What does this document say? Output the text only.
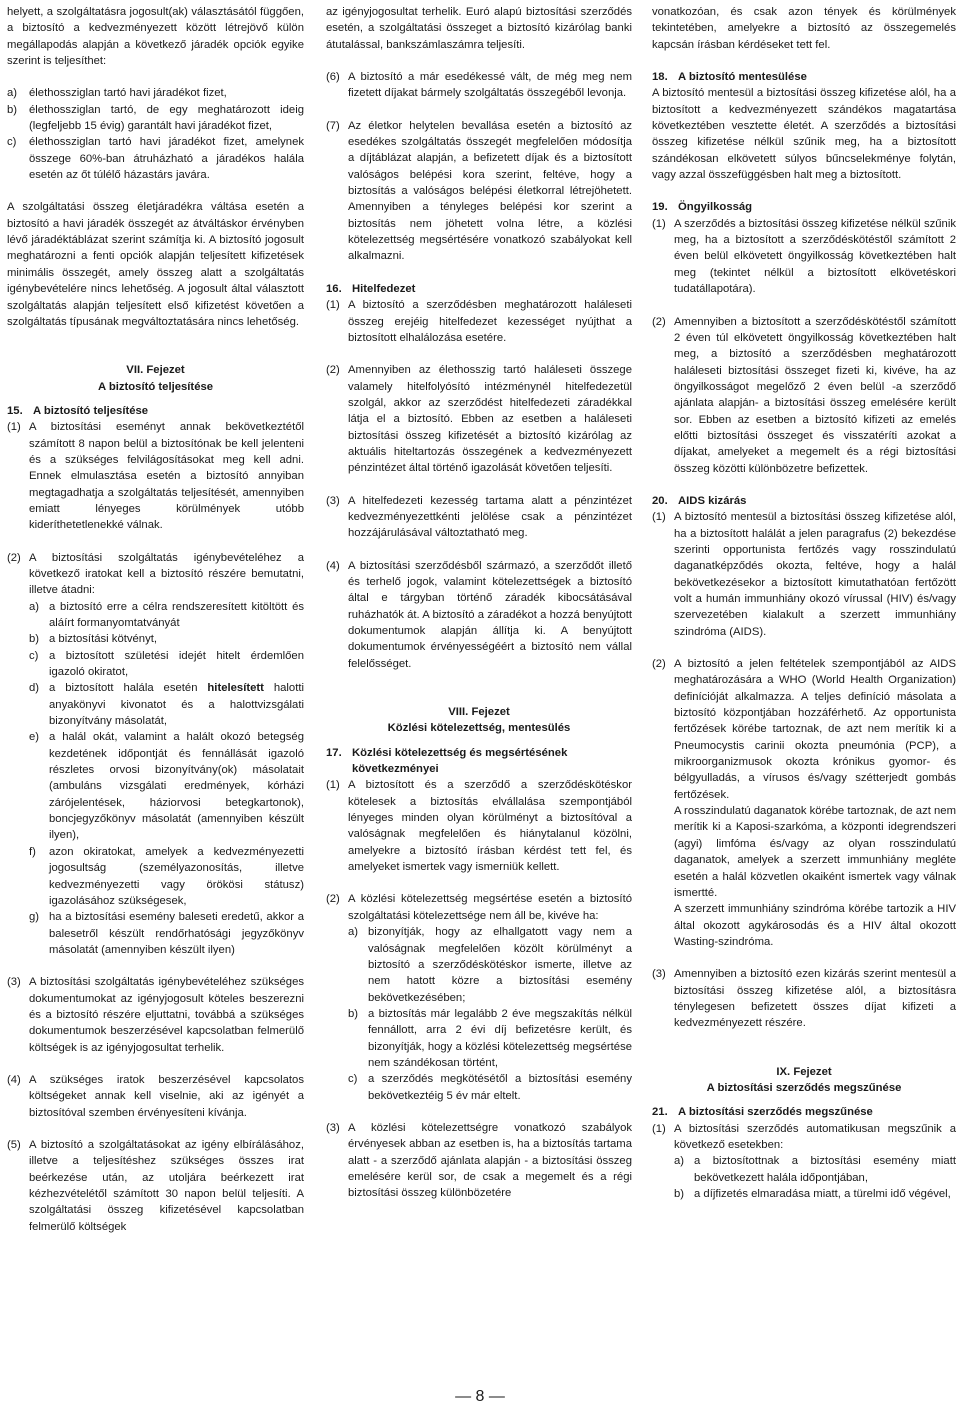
helyett, a szolgáltatásra jogosult(ak) választásától függően, a biztosító a kedvezményezett között létrejövő külön megállapodás alapján a következő járadék opciók egyike szerint is teljesíthet:

a)	élethossziglan tartó havi járadékot fizet,
b)	élethossziglan tartó, de egy meghatározott ideig (legfeljebb 15 évig) garantált havi járadékot fizet,
c)	élethossziglan tartó havi járadékot fizet, amelynek összege 60%-ban átruházható a járadékos halála esetén az őt túlélő házastárs javára.

A szolgáltatási összeg életjáradékra váltása esetén a biztosító a havi járadék összegét az átváltáskor érvényben lévő járadéktáblázat szerint számítja ki. A biztosító jogosult meghatározni a fenti opciók alapján teljesített kifizetések minimális összegét, amely összeg alatt a szolgáltatás igénybevételére nincs lehetőség. A jogosult által választott szolgáltatás alapján teljesített első kifizetést követően a szolgáltatás típusának megváltoztatására nincs lehetőség.

VII. Fejezet
A biztosító teljesítése
15. A biztosító teljesítése
(1) A biztosítási eseményt annak bekövetkeztétől számított 8 napon belül a biztosítónak be kell jelenteni és a szükséges felvilágosításokat meg kell adni. Ennek elmulasztása esetén a biztosító annyiban megtagadhatja a szolgáltatás teljesítését, amennyiben emiatt lényeges körülmények utóbb kideríthetetlenekké válnak.
(2) A biztosítási szolgáltatás igénybevételéhez a következő iratokat kell a biztosító részére bemutatni, illetve átadni:
a) a biztosító erre a célra rendszeresített kitöltött és aláírt formanyomtatványát
b) a biztosítási kötvényt,
c) a biztosított születési idejét hitelt érdemlően igazoló okiratot,
d) a biztosított halála esetén hitelesített halotti anyakönyvi kivonatot és a halottvizsgálati bizonyítvány másolatát,
e) a halál okát, valamint a halált okozó betegség kezdetének időpontját és fennállását igazoló részletes orvosi bizonyítvány(ok) másolatait (ambuláns vizsgálati eredmények, kórházi zárójelentések, háziorvosi betegkartonok), boncjegyzőkönyv másolatát (amennyiben készült ilyen),
f)	azon okiratokat, amelyek a kedvezményezetti jogosultság (személyazonosítás, illetve kedvezményezetti vagy örökösi státusz) igazolásához szükségesek,
g) ha a biztosítási esemény baleseti eredetű, akkor a balesetről készült rendőrhatósági jegyzőkönyv másolatát (amennyiben készült ilyen)
(3) A biztosítási szolgáltatás igénybevételéhez szükséges dokumentumokat az igényjogosult köteles beszerezni és a biztosító részére eljuttatni, továbbá a szükséges dokumentumok beszerzésével kapcsolatban felmerülő költségek is az igényjogosultat terhelik.
(4) A szükséges iratok beszerzésével kapcsolatos költségeket annak kell viselnie, aki az igényét a biztosítóval szemben érvényesíteni kívánja.
(5) A biztosító a szolgáltatásokat az igény elbírálásához, illetve a teljesítéshez szükséges összes irat beérkezése után, az utoljára beérkezett irat kézhezvételétől számított 30 napon belül teljesíti. A szolgáltatási összeg kifizetésével kapcsolatban felmerülő költségek

az igényjogosultat terhelik. Euró alapú biztosítási szerződés esetén, a szolgáltatási összeget a biztosító kizárólag banki átutalással, bankszámlaszámra teljesíti.

(6) A biztosító a már esedékessé vált, de még meg nem fizetett díjakat bármely szolgáltatás összegéből levonja.
(7) Az életkor helytelen bevallása esetén a biztosító az esedékes szolgáltatás összegét megfelelően módosítja a díjtáblázat alapján, a befizetett díjak és a biztosított valóságos belépési kora szerint, feltéve, hogy a biztosítás a valóságos belépési életkorral létrejöhetett. Amennyiben a tényleges belépési kor szerint a biztosítás nem jöhetett volna létre, a közlési kötelezettség megsértésére vonatkozó szabályokat kell alkalmazni.
16. Hitelfedezet
(1) A biztosító a szerződésben meghatározott haláleseti összeg erejéig hitelfedezet kezességet nyújthat a biztosított elhalálozása esetére.
(2) Amennyiben az élethosszig tartó haláleseti összege valamely hitelfolyósító intézménynél hitelfedezetül szolgál, akkor az szerződést hitelfedezeti záradékkal látja el a biztosító. Ebben az esetben a haláleseti biztosítási összeg kifizetését a biztosító kizárólag az aktuális hiteltartozás összegének a kedvezményezett pénzintézet által történő igazolását követően teljesíti.
(3) A hitelfedezeti kezesség tartama alatt a pénzintézet kedvezményezettkénti jelölése csak a pénzintézet hozzájárulásával változtatható meg.
(4) A biztosítási szerződésből származó, a szerződőt illető és terhelő jogok, valamint kötelezettségek a biztosító által e tárgyban történő záradék kibocsátásával ruházhatók át. A biztosító a záradékot a hozzá benyújtott dokumentumok alapján állítja ki. A benyújtott dokumentumok érvényességéért a biztosító nem vállal felelősséget.
VIII. Fejezet
Közlési kötelezettség, mentesülés
17. Közlési kötelezettség és megsértésének következményei
(1) A biztosított és a szerződő a szerződéskötéskor kötelesek a biztosítás elvállalása szempontjából lényeges minden olyan körülményt a biztosítóval a valóságnak megfelelően és hiánytalanul közölni, amelyekre a biztosító írásban kérdést tett fel, és amelyeket ismertek vagy ismerniük kellett.
(2) A közlési kötelezettség megsértése esetén a biztosító szolgáltatási kötelezettsége nem áll be, kivéve ha:
a) bizonyítják, hogy az elhallgatott vagy nem a valóságnak megfelelően közölt körülményt a biztosító a szerződéskötéskor ismerte, illetve az nem hatott közre a biztosítási esemény bekövetkezésében;
b) a biztosítás már legalább 2 éve megszakítás nélkül fennállott, arra 2 évi díj befizetésre került, és bizonyítják, hogy a közlési kötelezettség megsértése nem szándékosan történt,
c) a szerződés megkötésétől a biztosítási esemény bekövetkeztéig 5 év már eltelt.
(3) A közlési kötelezettségre vonatkozó szabályok érvényesek abban az esetben is, ha a biztosítás tartama alatt - a szerződő ajánlata alapján - a biztosítási összeg emelésére kerül sor, de csak a megemelt és a régi biztosítási összeg különbözetére

vonatkozóan, és csak azon tények és körülmények tekintetében, amelyekre a biztosító az összegemelés kapcsán írásban kérdéseket tett fel.

18. A biztosító mentesülése

A biztosító mentesül a biztosítási összeg kifizetése alól, ha a biztosított a kedvezményezett szándékos magatartása következtében vesztette életét. A szerződés a biztosítási összeg kifizetése nélkül szűnik meg, ha a biztosított szándékosan elkövetett súlyos bűncselekménye folytán, vagy azzal összefüggésben halt meg a biztosított.

19. Öngyilkosság
(1) A szerződés a biztosítási összeg kifizetése nélkül szűnik meg, ha a biztosított a szerződéskötéstől számított 2 éven belül elkövetett öngyilkosság következtében halt meg (tekintet nélkül a biztosított elkövetéskori tudatállapotára).
(2) Amennyiben a biztosított a szerződéskötéstől számított 2 éven túl elkövetett öngyilkosság következtében halt meg, a biztosító a szerződésben meghatározott haláleseti biztosítási összeget fizeti ki, kivéve, ha az öngyilkosságot megelőző 2 éven belül -a szerződő ajánlata alapján- a biztosítási összeg emelésére került sor. Ebben az esetben a biztosító kifizeti az emelés előtti biztosítási összeget és visszatéríti azokat a díjakat, amelyeket a megemelt és a régi biztosítási összeg közötti különbözetre befizettek.
20. AIDS kizárás
(1) A biztosító mentesül a biztosítási összeg kifizetése alól, ha a biztosított halálát a jelen paragrafus (2) bekezdése szerinti opportunista fertőzés vagy rosszindulatú daganatképződés okozta, feltéve, hogy a halál bekövetkezésekor a biztosított kimutathatóan fertőzött volt a humán immunhiány okozó vírussal (HIV) és/vagy szervezetében kialakult a szerzett immunhiány szindróma (AIDS).
(2) A biztosító a jelen feltételek szempontjából az AIDS meghatározására a WHO (World Health Organization) definícióját alkalmazza. A teljes definíció másolata a biztosító központjában hozzáférhető. Az opportunista fertőzések körébe tartoznak, de azt nem merítik ki a Pneumocystis carinii okozta pneumónia (PCP), a mikroorganizmusok okozta krónikus gyomor- és bélgyulladás, a vírusos és/vagy szétterjedt gombás fertőzések.
A rosszindulatú daganatok körébe tartoznak, de azt nem merítik ki a Kaposi-szarkóma, a központi idegrendszeri (agyi) limfóma és/vagy az olyan rosszindulatú daganatok, amelyek a szerzett immunhiány megléte esetén a halál közvetlen okaiként ismertek vagy válnak ismertté.
A szerzett immunhiány szindróma körébe tartozik a HIV által okozott agykárosodás és a HIV által okozott Wasting-szindróma.
(3) Amennyiben a biztosító ezen kizárás szerint mentesül a biztosítási összeg kifizetése alól, a biztosításra ténylegesen befizetett összes díjat kifizeti a kedvezményezett részére.
IX. Fejezet
A biztosítási szerződés megszűnése
21. A biztosítási szerződés megszűnése
(1) A biztosítási szerződés automatikusan megszűnik a következő esetekben:
a) a biztosítottnak a biztosítási esemény miatt bekövetkezett halála időpontjában,
b) a díjfizetés elmaradása miatt, a türelmi idő végével,
— 8 —
